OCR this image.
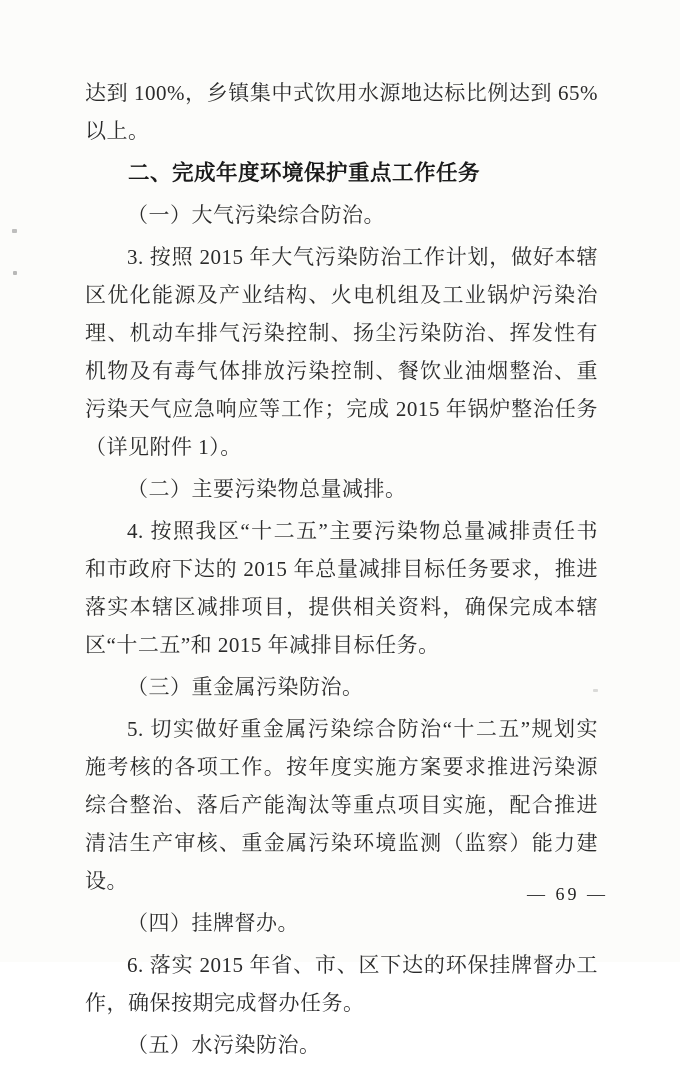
达到 100%，乡镇集中式饮用水源地达标比例达到 65%以上。

二、完成年度环境保护重点工作任务

（一）大气污染综合防治。

3. 按照 2015 年大气污染防治工作计划，做好本辖区优化能源及产业结构、火电机组及工业锅炉污染治理、机动车排气污染控制、扬尘污染防治、挥发性有机物及有毒气体排放污染控制、餐饮业油烟整治、重污染天气应急响应等工作；完成 2015 年锅炉整治任务（详见附件 1）。

（二）主要污染物总量减排。

4. 按照我区“十二五”主要污染物总量减排责任书和市政府下达的 2015 年总量减排目标任务要求，推进落实本辖区减排项目，提供相关资料，确保完成本辖区“十二五”和 2015 年减排目标任务。

（三）重金属污染防治。

5. 切实做好重金属污染综合防治“十二五”规划实施考核的各项工作。按年度实施方案要求推进污染源综合整治、落后产能淘汰等重点项目实施，配合推进清洁生产审核、重金属污染环境监测（监察）能力建设。

（四）挂牌督办。

6. 落实 2015 年省、市、区下达的环保挂牌督办工作，确保按期完成督办任务。

（五）水污染防治。

— 69 —
